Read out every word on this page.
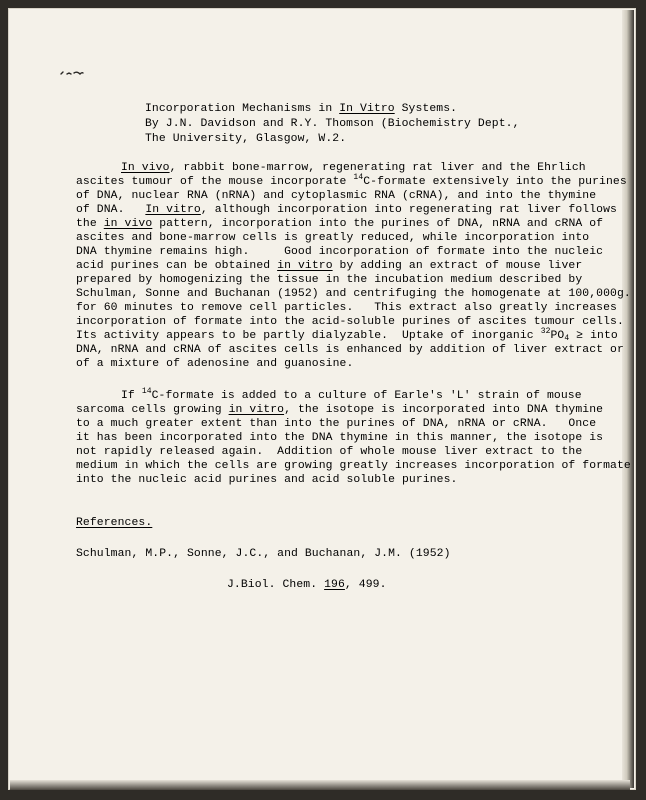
Incorporation Mechanisms in In Vitro Systems.
By J.N. Davidson and R.Y. Thomson (Biochemistry Dept.,
The University, Glasgow, W.2.
In vivo, rabbit bone-marrow, regenerating rat liver and the Ehrlich
ascites tumour of the mouse incorporate $^{14}$C-formate extensively into the purines
of DNA, nuclear RNA (nRNA) and cytoplasmic RNA (cRNA), and into the thymine
of DNA.   In vitro, although incorporation into regenerating rat liver follows
the in vivo pattern, incorporation into the purines of DNA, nRNA and cRNA of
ascites and bone-marrow cells is greatly reduced, while incorporation into
DNA thymine remains high.     Good incorporation of formate into the nucleic
acid purines can be obtained in vitro by adding an extract of mouse liver
prepared by homogenizing the tissue in the incubation medium described by
Schulman, Sonne and Buchanan (1952) and centrifuging the homogenate at 100,000g.
for 60 minutes to remove cell particles.   This extract also greatly increases
incorporation of formate into the acid-soluble purines of ascites tumour cells.
Its activity appears to be partly dialyzable.  Uptake of inorganic $^{32}PO_4$ ≥ into
DNA, nRNA and cRNA of ascites cells is enhanced by addition of liver extract or
of a mixture of adenosine and guanosine.
If $^{14}$C-formate is added to a culture of Earle's 'L' strain of mouse
sarcoma cells growing in vitro, the isotope is incorporated into DNA thymine
to a much greater extent than into the purines of DNA, nRNA or cRNA.   Once
it has been incorporated into the DNA thymine in this manner, the isotope is
not rapidly released again.  Addition of whole mouse liver extract to the
medium in which the cells are growing greatly increases incorporation of formate
into the nucleic acid purines and acid soluble purines.
References.
Schulman, M.P., Sonne, J.C., and Buchanan, J.M. (1952)
J.Biol. Chem. 196, 499.
